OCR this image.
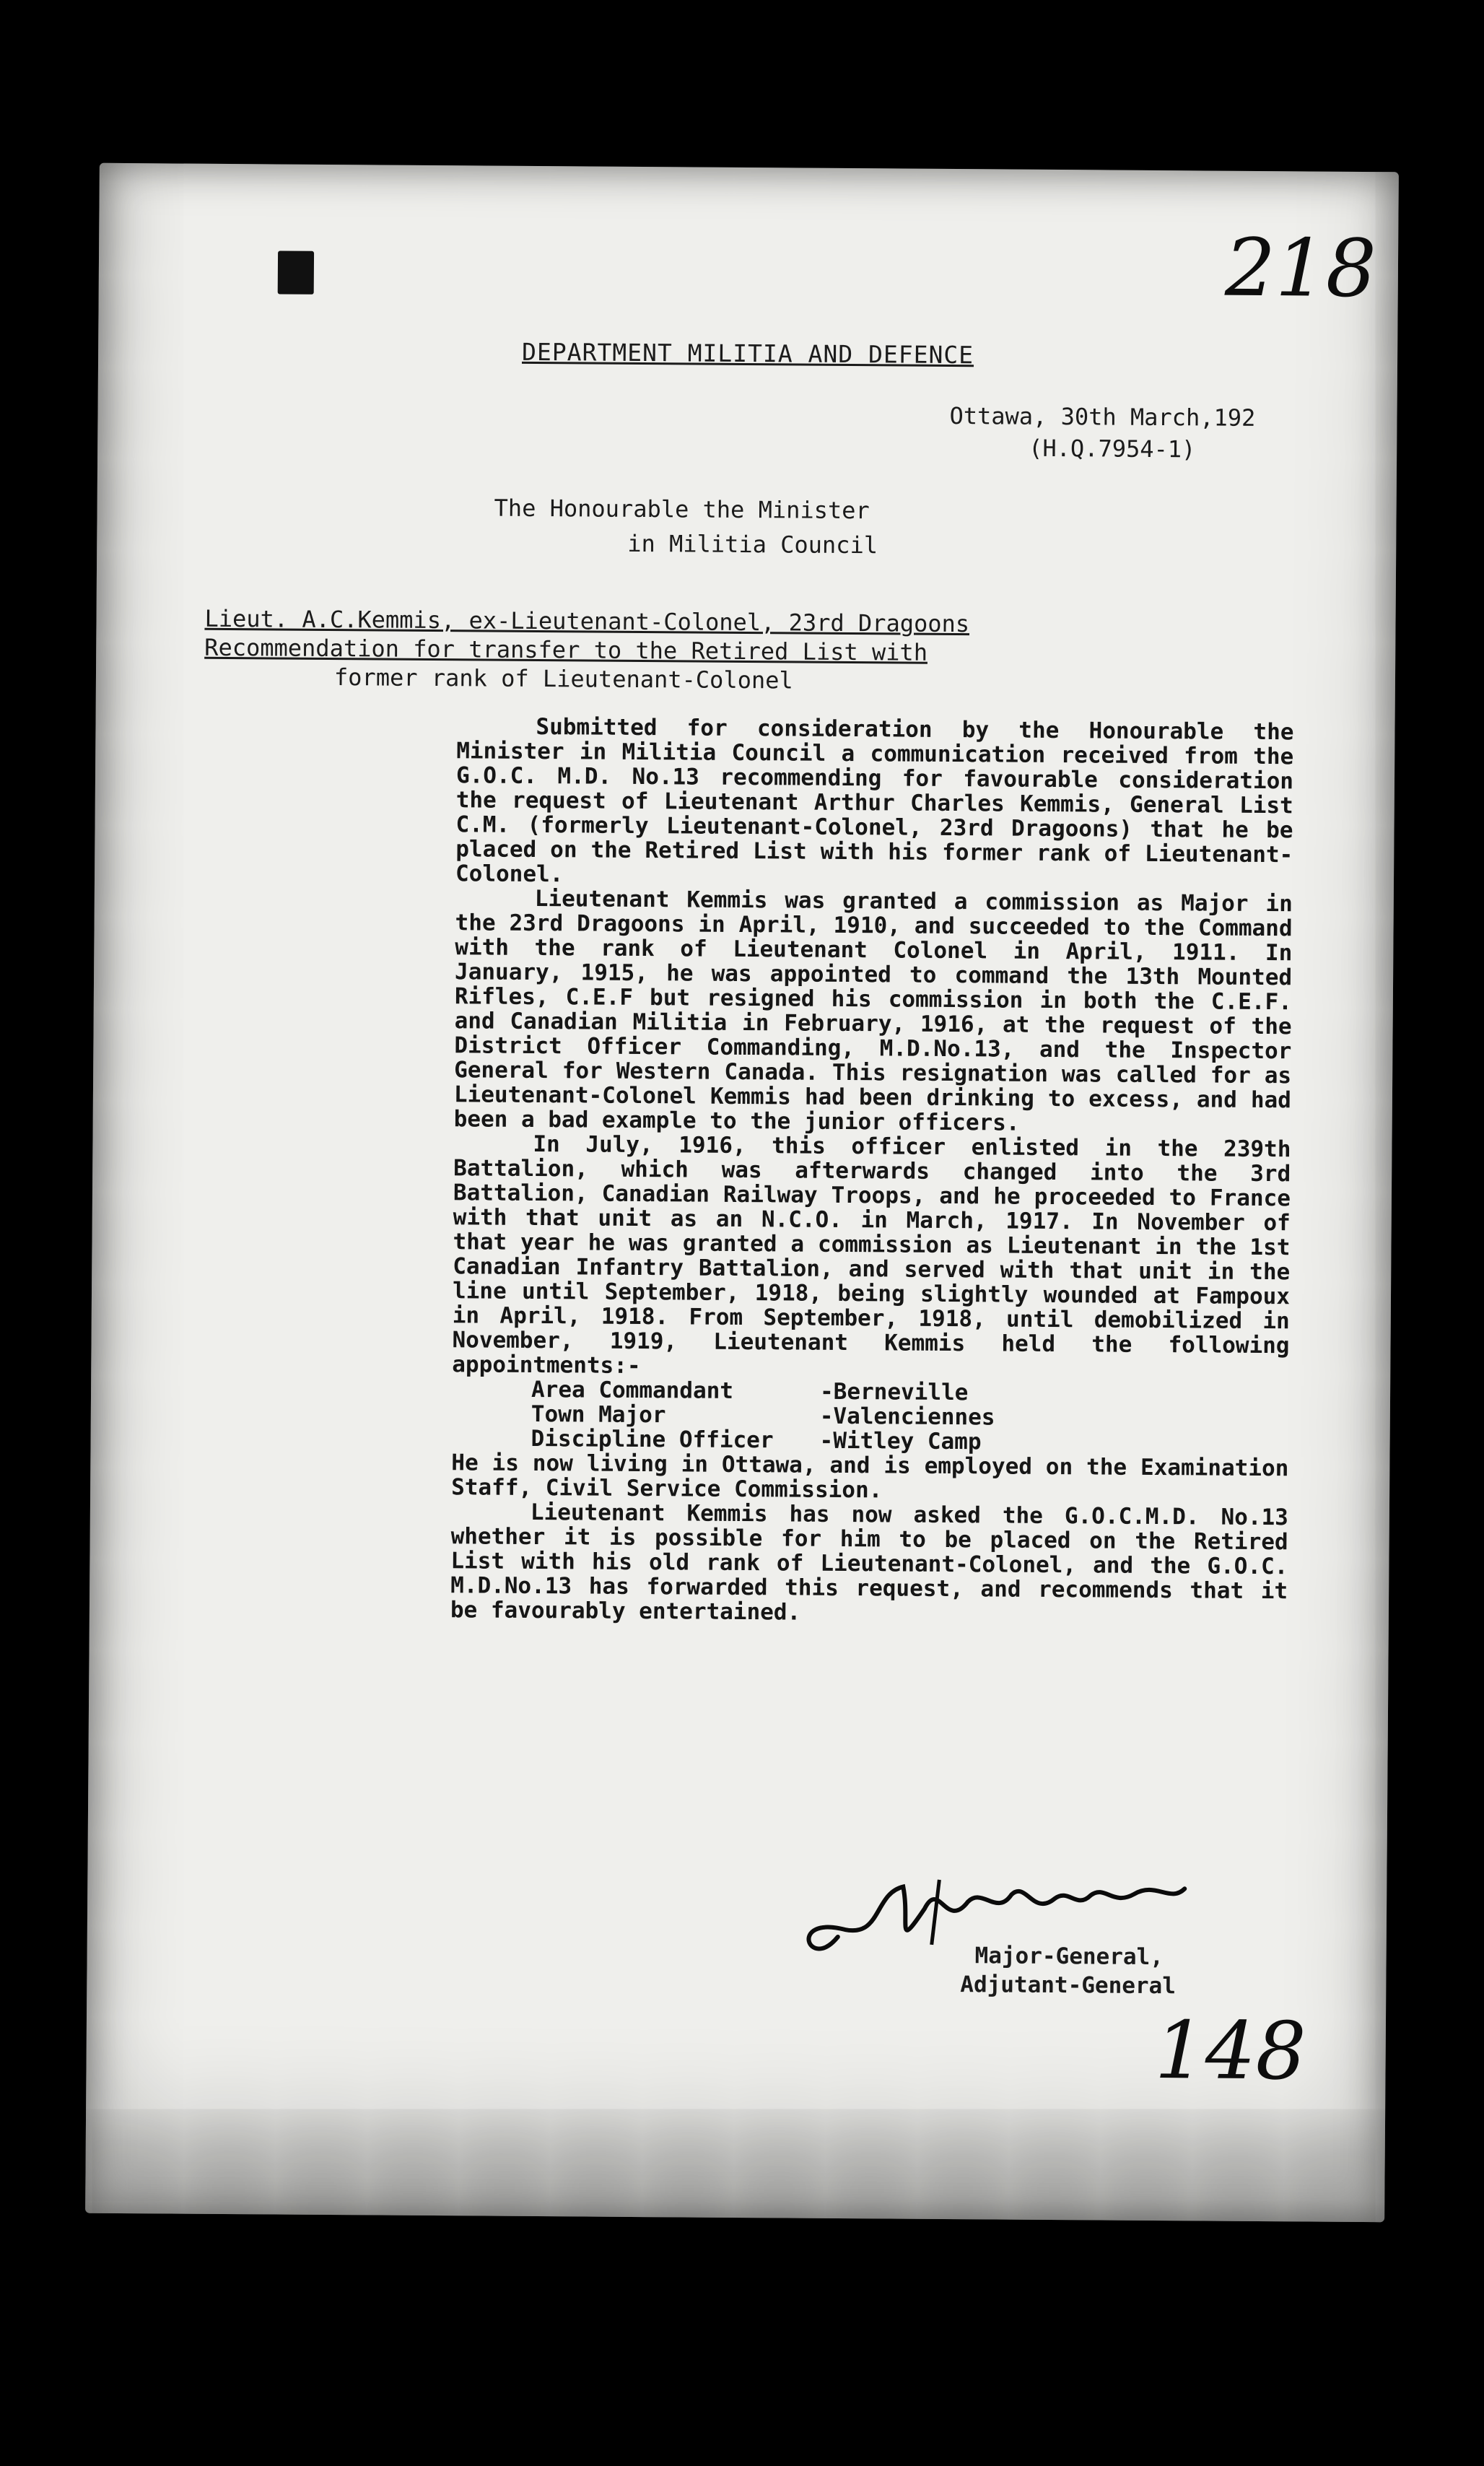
218
DEPARTMENT MILITIA AND DEFENCE
Ottawa, 30th March,192
(H.Q.7954-1)
The Honourable the Minister
in Militia Council
Lieut. A.C.Kemmis, ex-Lieutenant-Colonel, 23rd Dragoons
Recommendation for transfer to the Retired List with
former rank of Lieutenant-Colonel

Submitted for consideration by the Honourable the Minister in Militia Council a communication received from the G.O.C. M.D. No.13 recommending for favourable consideration the request of Lieutenant Arthur Charles Kemmis, General List C.M. (formerly Lieutenant-Colonel, 23rd Dragoons) that he be placed on the Retired List with his former rank of Lieutenant-Colonel.

Lieutenant Kemmis was granted a commission as Major in the 23rd Dragoons in April, 1910, and succeeded to the Command with the rank of Lieutenant Colonel in April, 1911. In January, 1915, he was appointed to command the 13th Mounted Rifles, C.E.F but resigned his commission in both the C.E.F. and Canadian Militia in February, 1916, at the request of the District Officer Commanding, M.D.No.13, and the Inspector General for Western Canada. This resignation was called for as Lieutenant-Colonel Kemmis had been drinking to excess, and had been a bad example to the junior officers.

In July, 1916, this officer enlisted in the 239th Battalion, which was afterwards changed into the 3rd Battalion, Canadian Railway Troops, and he proceeded to France with that unit as an N.C.O. in March, 1917. In November of that year he was granted a commission as Lieutenant in the 1st Canadian Infantry Battalion, and served with that unit in the line until September, 1918, being slightly wounded at Fampoux in April, 1918. From September, 1918, until demobilized in November, 1919, Lieutenant Kemmis held the following appointments:-

Area Commandant	-Berneville
Town Major	-Valenciennes
Discipline Officer	-Witley Camp

He is now living in Ottawa, and is employed on the Examination Staff, Civil Service Commission.

Lieutenant Kemmis has now asked the G.O.C.M.D. No.13 whether it is possible for him to be placed on the Retired List with his old rank of Lieutenant-Colonel, and the G.O.C. M.D.No.13 has forwarded this request, and recommends that it be favourably entertained.

Major-General,
Adjutant-General
148
